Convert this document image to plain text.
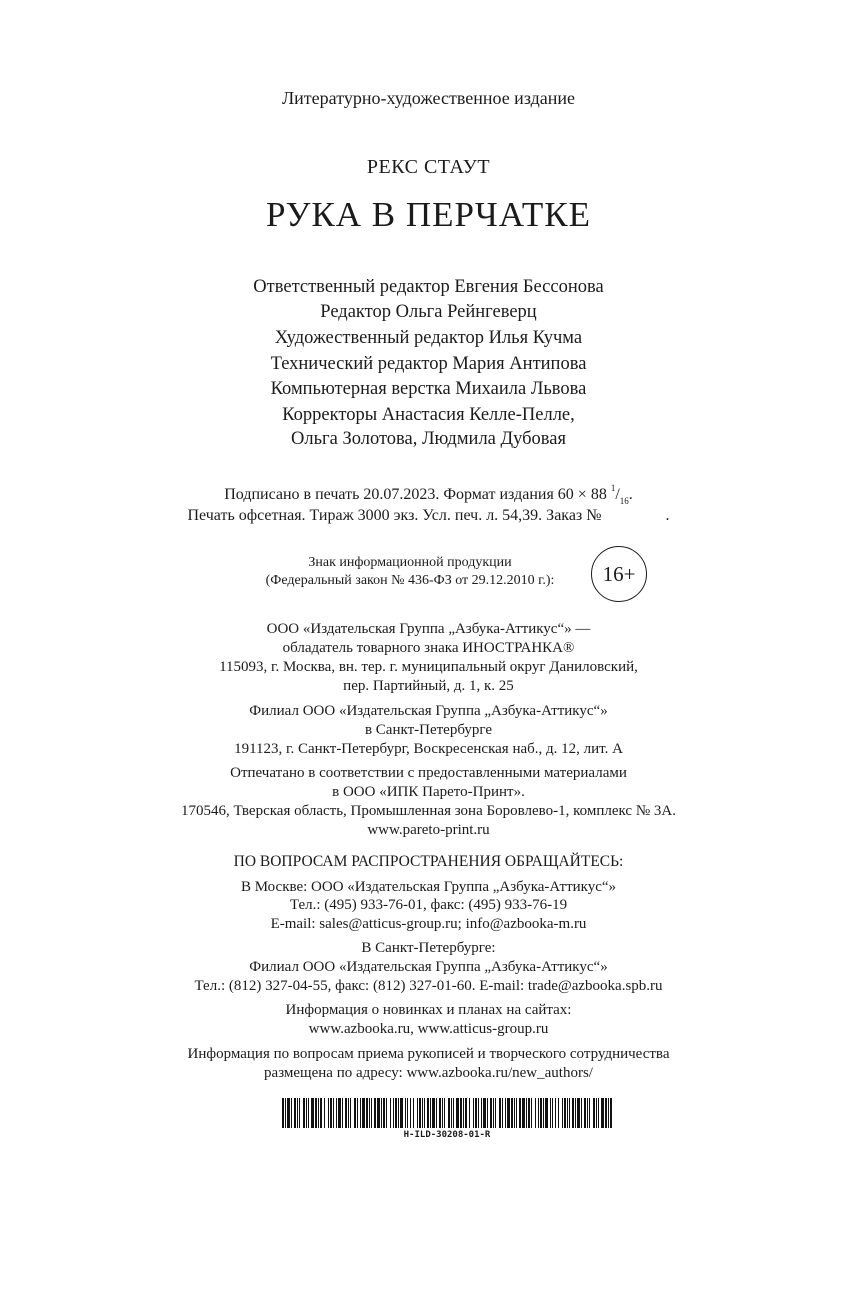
Литературно-художественное издание
РЕКС СТАУТ
РУКА В ПЕРЧАТКЕ
Ответственный редактор Евгения Бессонова
Редактор Ольга Рейнгеверц
Художественный редактор Илья Кучма
Технический редактор Мария Антипова
Компьютерная верстка Михаила Львова
Корректоры Анастасия Келле-Пелле,
Ольга Золотова, Людмила Дубовая
Подписано в печать 20.07.2023. Формат издания 60 × 88 $^1$/16.
Печать офсетная. Тираж 3000 экз. Усл. печ. л. 54,39. Заказ №	.
Знак информационной продукции
(Федеральный закон № 436-ФЗ от 29.12.2010 г.):	16+
ООО «Издательская Группа „Азбука-Аттикус“» —
обладатель товарного знака ИНОСТРАНКА®
115093, г. Москва, вн. тер. г. муниципальный округ Даниловский,
пер. Партийный, д. 1, к. 25
Филиал ООО «Издательская Группа „Азбука-Аттикус“»
в Санкт-Петербурге
191123, г. Санкт-Петербург, Воскресенская наб., д. 12, лит. А
Отпечатано в соответствии с предоставленными материалами
в ООО «ИПК Парето-Принт».
170546, Тверская область, Промышленная зона Боровлево-1, комплекс № 3А.
www.pareto-print.ru
ПО ВОПРОСАМ РАСПРОСТРАНЕНИЯ ОБРАЩАЙТЕСЬ:
В Москве: ООО «Издательская Группа „Азбука-Аттикус“»
Тел.: (495) 933-76-01, факс: (495) 933-76-19
E-mail: sales@atticus-group.ru; info@azbooka-m.ru
В Санкт-Петербурге:
Филиал ООО «Издательская Группа „Азбука-Аттикус“»
Тел.: (812) 327-04-55, факс: (812) 327-01-60. E-mail: trade@azbooka.spb.ru
Информация о новинках и планах на сайтах:
www.azbooka.ru, www.atticus-group.ru
Информация по вопросам приема рукописей и творческого сотрудничества
размещена по адресу: www.azbooka.ru/new_authors/
H-ILD-30208-01-R
